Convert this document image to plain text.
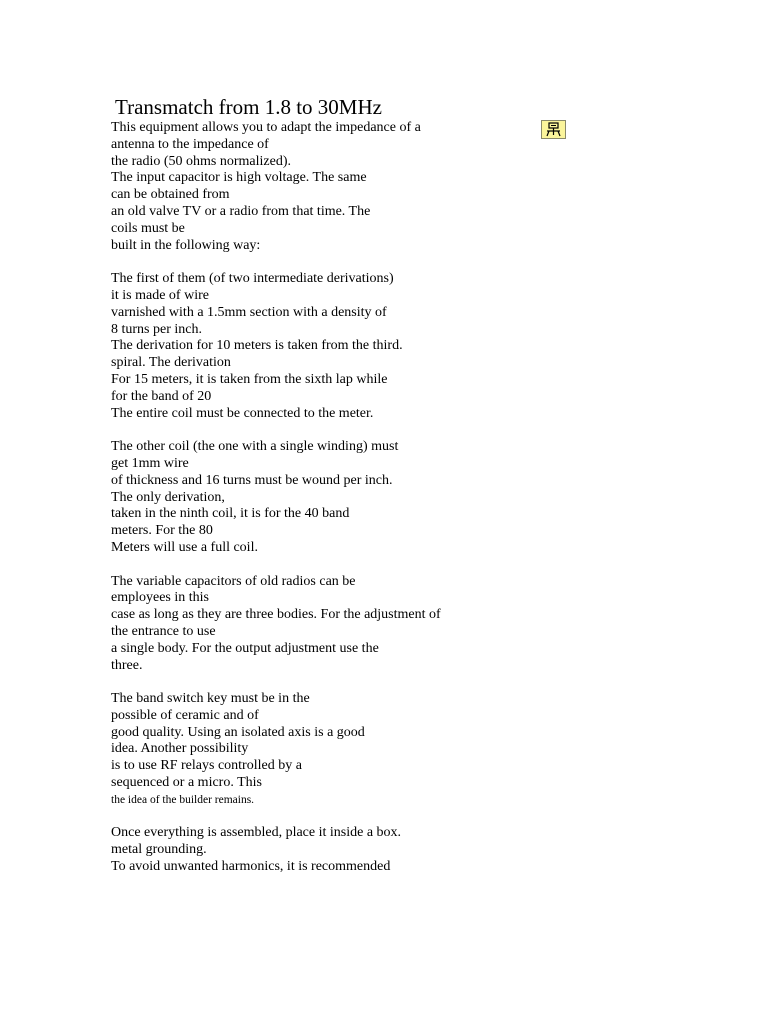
Transmatch from 1.8 to 30MHz
This equipment allows you to adapt the impedance of a
antenna to the impedance of
the radio (50 ohms normalized).
The input capacitor is high voltage. The same
can be obtained from
an old valve TV or a radio from that time. The
coils must be
built in the following way:
The first of them (of two intermediate derivations)
it is made of wire
varnished with a 1.5mm section with a density of
8 turns per inch.
The derivation for 10 meters is taken from the third.
spiral. The derivation
For 15 meters, it is taken from the sixth lap while
for the band of 20
The entire coil must be connected to the meter.
The other coil (the one with a single winding) must
get 1mm wire
of thickness and 16 turns must be wound per inch.
The only derivation,
taken in the ninth coil, it is for the 40 band
meters. For the 80
Meters will use a full coil.
The variable capacitors of old radios can be
employees in this
case as long as they are three bodies. For the adjustment of
the entrance to use
a single body. For the output adjustment use the
three.
The band switch key must be in the
possible of ceramic and of
good quality. Using an isolated axis is a good
idea. Another possibility
is to use RF relays controlled by a
sequenced or a micro. This
the idea of the builder remains.
Once everything is assembled, place it inside a box.
metal grounding.
To avoid unwanted harmonics, it is recommended
